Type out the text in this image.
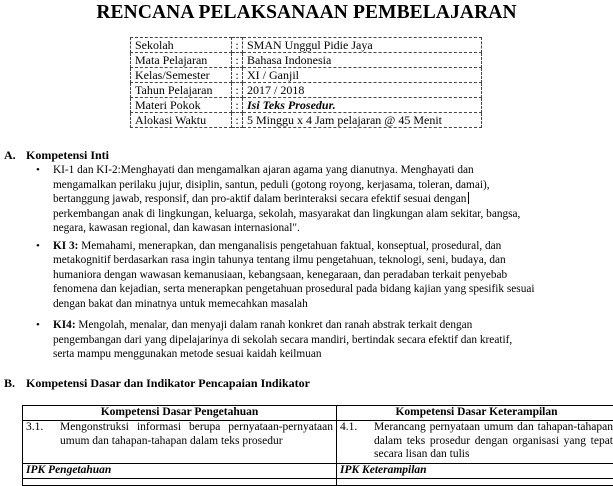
RENCANA PELAKSANAAN PEMBELAJARAN
Sekolah	:	SMAN Unggul Pidie Jaya
Mata Pelajaran	:	Bahasa Indonesia
Kelas/Semester	:	XI / Ganjil
Tahun Pelajaran	:	2017 / 2018
Materi Pokok	:	Isi Teks Prosedur.
Alokasi Waktu	:	5 Minggu x 4 Jam pelajaran @ 45 Menit
A. Kompetensi Inti
• KI-1 dan KI-2:Menghayati dan mengamalkan ajaran agama yang dianutnya. Menghayati dan
mengamalkan perilaku jujur, disiplin, santun, peduli (gotong royong, kerjasama, toleran, damai),
bertanggung jawab, responsif, dan pro-aktif dalam berinteraksi secara efektif sesuai dengan
perkembangan anak di lingkungan, keluarga, sekolah, masyarakat dan lingkungan alam sekitar, bangsa,
negara, kawasan regional, dan kawasan internasional".
• KI 3: Memahami, menerapkan, dan menganalisis pengetahuan faktual, konseptual, prosedural, dan
metakognitif berdasarkan rasa ingin tahunya tentang ilmu pengetahuan, teknologi, seni, budaya, dan
humaniora dengan wawasan kemanusiaan, kebangsaan, kenegaraan, dan peradaban terkait penyebab
fenomena dan kejadian, serta menerapkan pengetahuan prosedural pada bidang kajian yang spesifik sesuai
dengan bakat dan minatnya untuk memecahkan masalah
• KI4: Mengolah, menalar, dan menyaji dalam ranah konkret dan ranah abstrak terkait dengan
pengembangan dari yang dipelajarinya di sekolah secara mandiri, bertindak secara efektif dan kreatif,
serta mampu menggunakan metode sesuai kaidah keilmuan
B. Kompetensi Dasar dan Indikator Pencapaian Indikator
Kompetensi Dasar Pengetahuan	Kompetensi Dasar Keterampilan

3.1. Mengonstruksi informasi berupa pernyataan-pernyataan umum dan tahapan-tahapan dalam teks prosedur	4.1. Merancang pernyataan umum dan tahapan-tahapan dalam teks prosedur dengan organisasi yang tepat secara lisan dan tulis

IPK Pengetahuan	IPK Keterampilan
